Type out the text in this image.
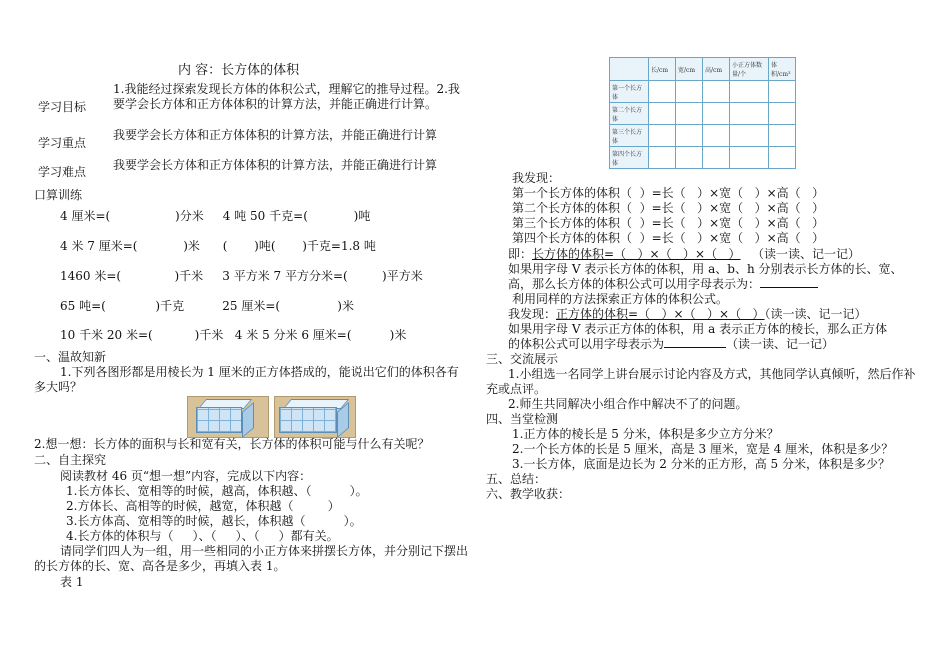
内 容：长方体的体积
学习目标
1.我能经过探索发现长方体的体积公式，理解它的推导过程。2.我要学会长方体和正方体体积的计算方法，并能正确进行计算。
学习重点
我要学会长方体和正方体体积的计算方法，并能正确进行计算
学习难点 我要学会长方体和正方体体积的计算方法，并能正确进行计算
口算训练
4 厘米=(                 )分米     4 吨 50 千克=(            )吨
4 米 7 厘米=(            )米      (       )吨(       )千克=1.8 吨
1460 米=(              )千米     3 平方米 7 平方分米=(         )平方米
65 吨=(             )千克          25 厘米=(               )米
10 千米 20 米=(           )千米   4 米 5 分米 6 厘米=(          )米
一、温故知新
1.下列各图形都是用棱长为 1 厘米的正方体搭成的，能说出它们的体积各有多大吗？
2.想一想：长方体的面积与长和宽有关，长方体的体积可能与什么有关呢？
二、自主探究
阅读教材 46 页“想一想”内容，完成以下内容：
1.长方体长、宽相等的时候，越高，体积越、（          ）。
2.方体长、高相等的时候，越宽，体积越（         ）
3.长方体高、宽相等的时候，越长，体积越（          ）。
4.长方体的体积与（     ）、（     ）、（     ）都有关。
请同学们四人为一组，用一些相同的小正方体来拼摆长方体，并分别记下摆出的长方体的长、宽、高各是多少，再填入表 1。
表 1
	长/cm	宽/cm	高/cm	小正方体数量/个	体积/cm³
第一个长方体					
第二个长方体					
第三个长方体					
第四个长方体					
我发现：
第一个长方体的体积（  ）=长（   ）×宽（   ）×高（   ）
第二个长方体的体积（  ）=长（   ）×宽（   ）×高（   ）
第三个长方体的体积（  ）=长（   ）×宽（   ）×高（   ）
第四个长方体的体积（  ）=长（   ）×宽（   ）×高（   ）
即：长方体的体积=（   ）×（   ）×（   ）   （读一读、记一记）
如果用字母 V 表示长方体的体积，用 a、b、h 分别表示长方体的长、宽、
高，那么长方体的体积公式可以用字母表示为：
利用同样的方法探索正方体的体积公式。
我发现：正方体的体积=（   ）×（   ）×（   ）（读一读、记一记）
如果用字母 V 表示正方体的体积，用 a 表示正方体的棱长，那么正方体
的体积公式可以用字母表示为	（读一读、记一记）
三、交流展示
1.小组选一名同学上讲台展示讨论内容及方式，其他同学认真倾听，然后作补充或点评。
2.师生共同解决小组合作中解决不了的问题。
四、当堂检测
1.正方体的棱长是 5 分米，体积是多少立方分米？
2.一个长方体的长是 5 厘米，高是 3 厘米，宽是 4 厘米，体积是多少？
3.一长方体，底面是边长为 2 分米的正方形，高 5 分米，体积是多少？
五、总结：
六、教学收获：
